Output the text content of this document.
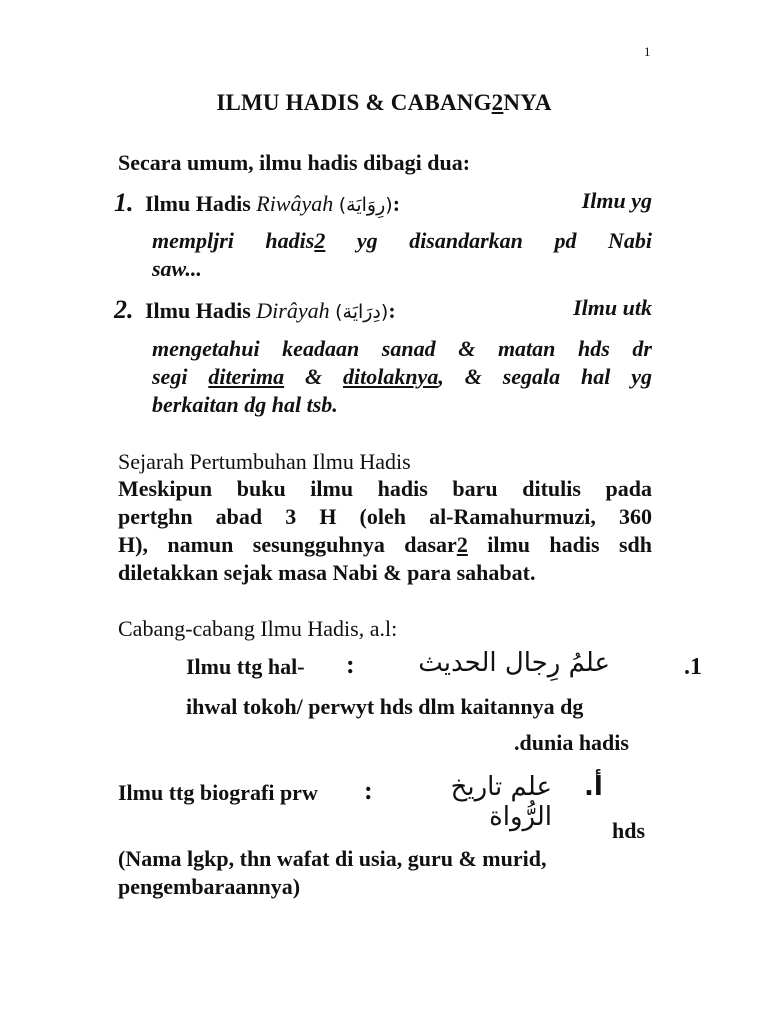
1
ILMU HADIS & CABANG2NYA
Secara umum, ilmu hadis dibagi dua:
1. Ilmu Hadis Riwâyah (رِوَايَة):	Ilmu yg
mempljri hadis2 yg disandarkan pd Nabi
saw...
2. Ilmu Hadis Dirâyah (دِرَايَة):	Ilmu utk
mengetahui keadaan sanad & matan hds dr
segi diterima & ditolaknya, & segala hal yg
berkaitan dg hal tsb.
Sejarah Pertumbuhan Ilmu Hadis
Meskipun buku ilmu hadis baru ditulis pada
pertghn abad 3 H (oleh al-Ramahurmuzi, 360
H), namun sesungguhnya dasar2 ilmu hadis sdh
diletakkan sejak masa Nabi & para sahabat.
Cabang-cabang Ilmu Hadis, a.l:
Ilmu ttg hal- :	علمُ رِجال الحديث	.1
ihwal tokoh/ perwyt hds dlm kaitannya dg
.dunia hadis
Ilmu ttg biografi prw :	علم تاريخ الرُّواة
أ.
hds
(Nama lgkp, thn wafat di usia, guru & murid,
pengembaraannya)
